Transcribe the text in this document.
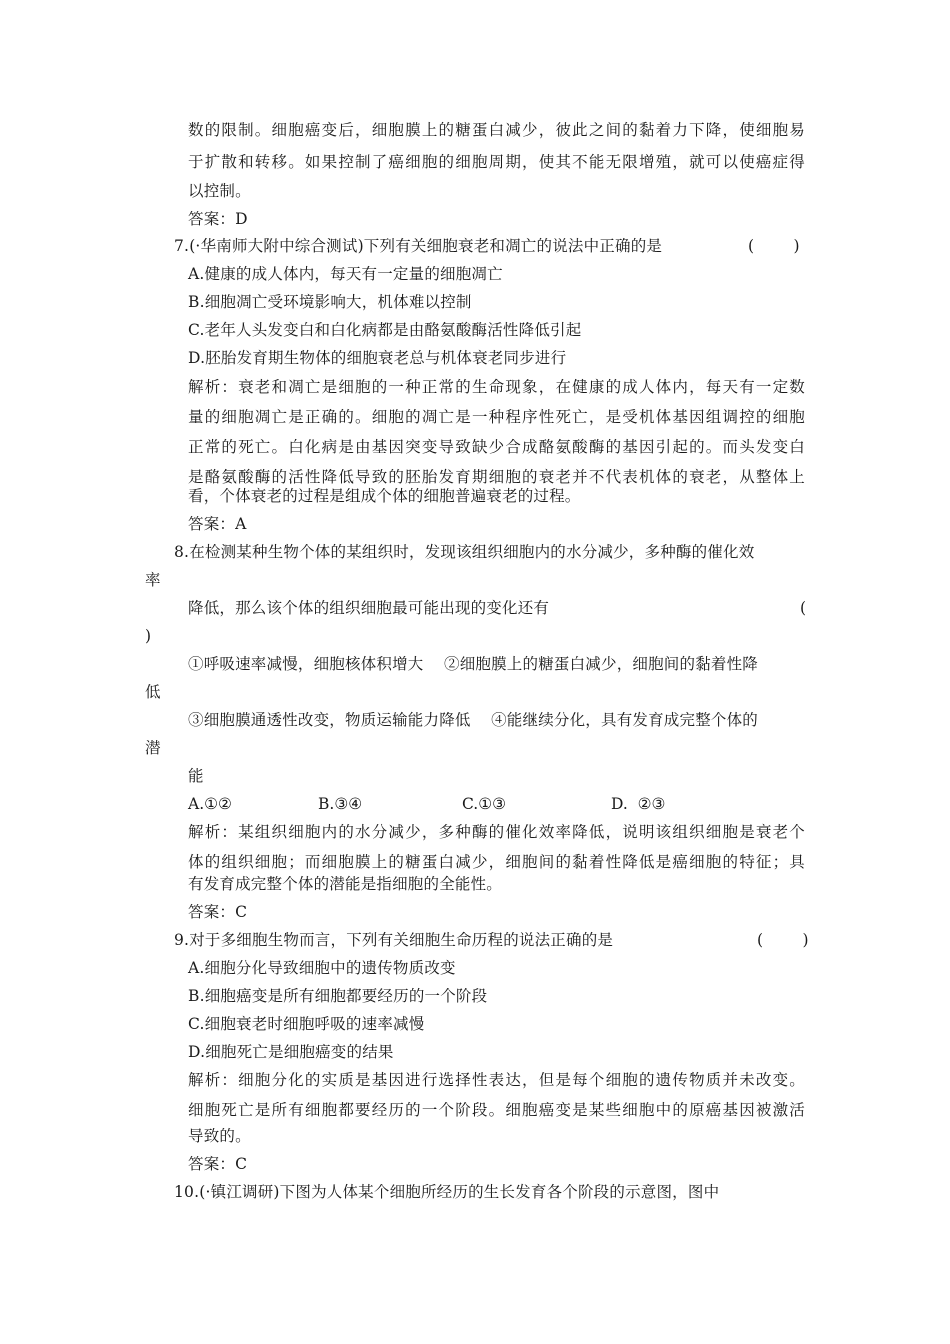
数的限制。细胞癌变后，细胞膜上的糖蛋白减少，彼此之间的黏着力下降，使细胞易
于扩散和转移。如果控制了癌细胞的细胞周期，使其不能无限增殖，就可以使癌症得
以控制。
答案：D
7.(·华南师大附中综合测试)下列有关细胞衰老和凋亡的说法中正确的是	(        )
A.健康的成人体内，每天有一定量的细胞凋亡
B.细胞凋亡受环境影响大，机体难以控制
C.老年人头发变白和白化病都是由酪氨酸酶活性降低引起
D.胚胎发育期生物体的细胞衰老总与机体衰老同步进行
解析：衰老和凋亡是细胞的一种正常的生命现象，在健康的成人体内，每天有一定数
量的细胞凋亡是正确的。细胞的凋亡是一种程序性死亡，是受机体基因组调控的细胞
正常的死亡。白化病是由基因突变导致缺少合成酪氨酸酶的基因引起的。而头发变白
是酪氨酸酶的活性降低导致的胚胎发育期细胞的衰老并不代表机体的衰老，从整体上
看，个体衰老的过程是组成个体的细胞普遍衰老的过程。
答案：A
8.在检测某种生物个体的某组织时，发现该组织细胞内的水分减少，多种酶的催化效
率
降低，那么该个体的组织细胞最可能出现的变化还有	(
)
①呼吸速率减慢，细胞核体积增大    ②细胞膜上的糖蛋白减少，细胞间的黏着性降
低
③细胞膜通透性改变，物质运输能力降低    ④能继续分化，具有发育成完整个体的
潜
能
A.①②	B.③④	C.①③	D.  ②③
解析：某组织细胞内的水分减少，多种酶的催化效率降低，说明该组织细胞是衰老个
体的组织细胞；而细胞膜上的糖蛋白减少，细胞间的黏着性降低是癌细胞的特征；具
有发育成完整个体的潜能是指细胞的全能性。
答案：C
9.对于多细胞生物而言，下列有关细胞生命历程的说法正确的是	(        )
A.细胞分化导致细胞中的遗传物质改变
B.细胞癌变是所有细胞都要经历的一个阶段
C.细胞衰老时细胞呼吸的速率减慢
D.细胞死亡是细胞癌变的结果
解析：细胞分化的实质是基因进行选择性表达，但是每个细胞的遗传物质并未改变。
细胞死亡是所有细胞都要经历的一个阶段。细胞癌变是某些细胞中的原癌基因被激活
导致的。
答案：C
10.(·镇江调研)下图为人体某个细胞所经历的生长发育各个阶段的示意图，图中
